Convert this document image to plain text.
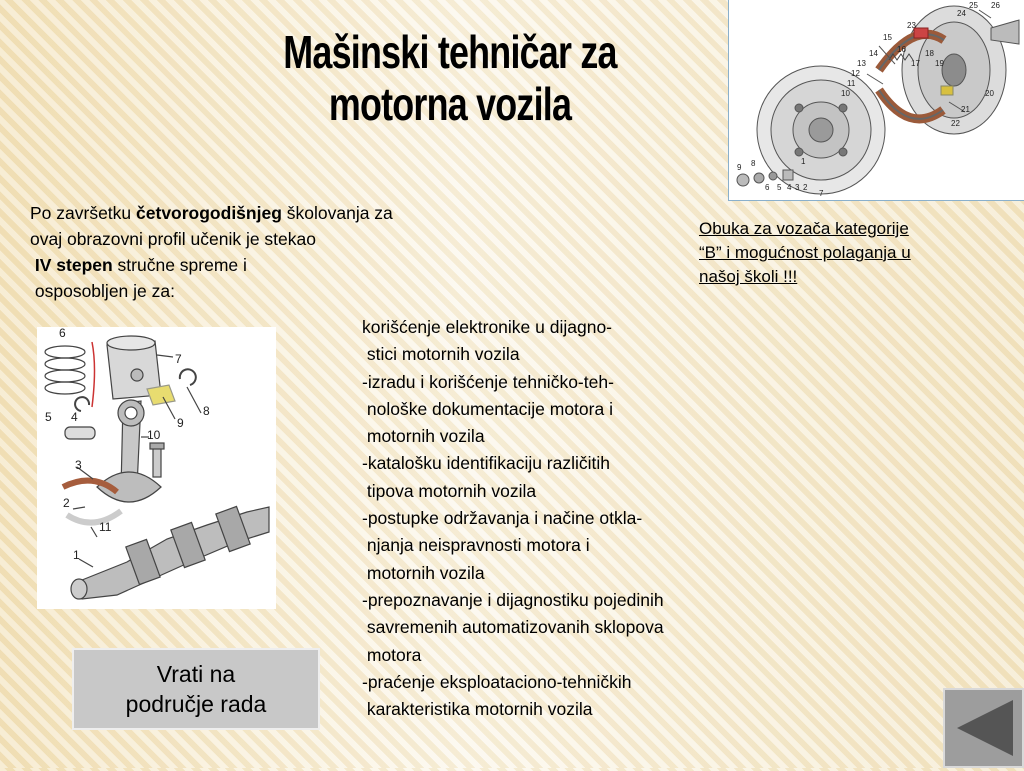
Mašinski tehničar za
motorna vozila
25 26
24
15
23
14
13
12
11
10
16 18
19
17
20
21
22
9 8
6 5 4 3 2
1
7
Po završetku četvorogodišnjeg školovanja za
ovaj obrazovni profil učenik je stekao
IV stepen stručne spreme i
osposobljen je za:
Obuka za vozača kategorije
“B” i mogućnost polaganja u
našoj školi !!!
6
7
5 4	8
9
10
3
2
11
1
korišćenje elektronike u dijagno-
stici motornih vozila
-izradu i korišćenje tehničko-teh-
nološke dokumentacije motora i
motornih vozila
-katalošku identifikaciju različitih
tipova motornih vozila
-postupke održavanja i načine otkla-
njanja neispravnosti motora i
motornih vozila
-prepoznavanje i dijagnostiku pojedinih
savremenih automatizovanih sklopova
motora
-praćenje eksploataciono-tehničkih
karakteristika motornih vozila
Vrati na
područje rada
